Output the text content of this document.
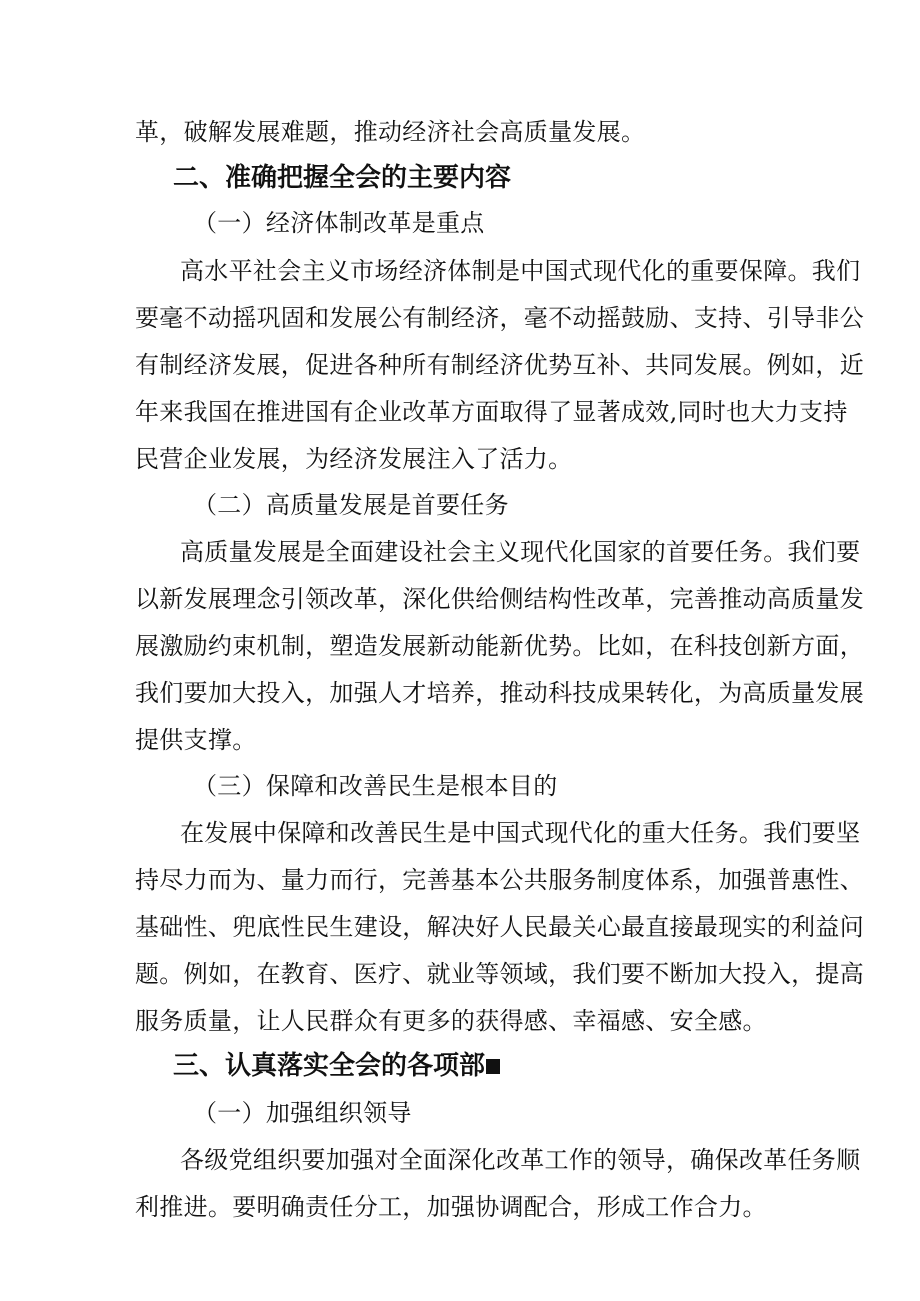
革，破解发展难题，推动经济社会高质量发展。
二、准确把握全会的主要内容
（一）经济体制改革是重点
高水平社会主义市场经济体制是中国式现代化的重要保障。我们
要毫不动摇巩固和发展公有制经济，毫不动摇鼓励、支持、引导非公
有制经济发展，促进各种所有制经济优势互补、共同发展。例如，近
年来我国在推进国有企业改革方面取得了显著成效,同时也大力支持
民营企业发展，为经济发展注入了活力。
（二）高质量发展是首要任务
高质量发展是全面建设社会主义现代化国家的首要任务。我们要
以新发展理念引领改革，深化供给侧结构性改革，完善推动高质量发
展激励约束机制，塑造发展新动能新优势。比如，在科技创新方面，
我们要加大投入，加强人才培养，推动科技成果转化，为高质量发展
提供支撑。
（三）保障和改善民生是根本目的
在发展中保障和改善民生是中国式现代化的重大任务。我们要坚
持尽力而为、量力而行，完善基本公共服务制度体系，加强普惠性、
基础性、兜底性民生建设，解决好人民最关心最直接最现实的利益问
题。例如，在教育、医疗、就业等领域，我们要不断加大投入，提高
服务质量，让人民群众有更多的获得感、幸福感、安全感。
三、认真落实全会的各项部
（一）加强组织领导
各级党组织要加强对全面深化改革工作的领导，确保改革任务顺
利推进。要明确责任分工，加强协调配合，形成工作合力。
